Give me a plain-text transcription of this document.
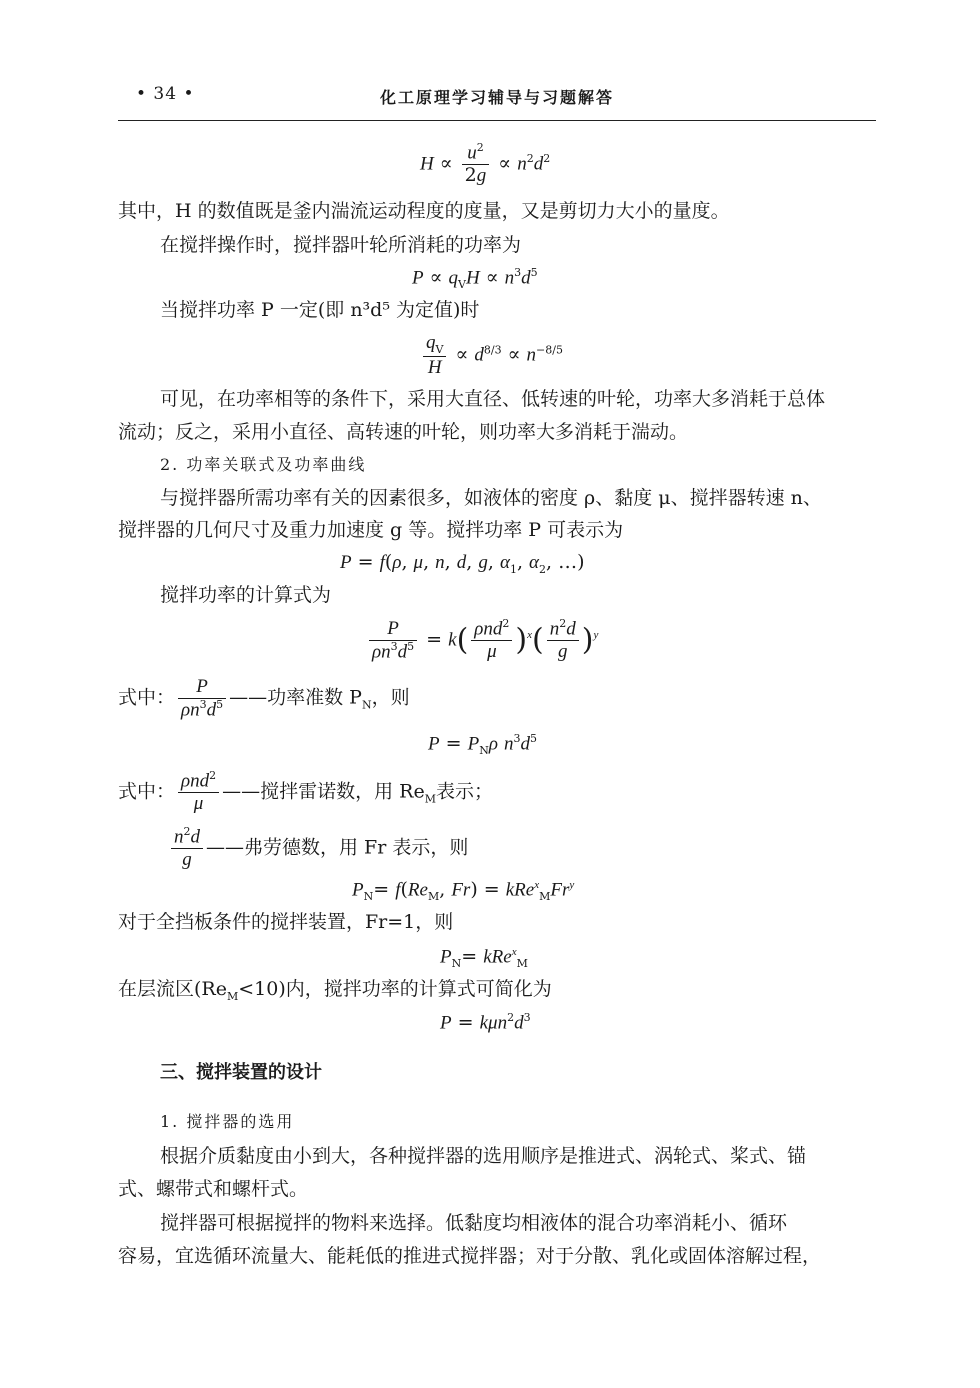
• 34 •	化工原理学习辅导与习题解答
$H \propto \frac{u^2}{2g} \propto n^2d^2$
其中，H 的数值既是釜内湍流运动程度的度量，又是剪切力大小的量度。
在搅拌操作时，搅拌器叶轮所消耗的功率为
$P \propto q_VH \propto n^3d^5$
当搅拌功率 P 一定(即 n³d⁵ 为定值)时
$\frac{q_V}{H} \propto d^{8/3} \propto n^{-8/5}$
可见，在功率相等的条件下，采用大直径、低转速的叶轮，功率大多消耗于总体
流动；反之，采用小直径、高转速的叶轮，则功率大多消耗于湍动。
2. 功率关联式及功率曲线
与搅拌器所需功率有关的因素很多，如液体的密度 ρ、黏度 μ、搅拌器转速 n、
搅拌器的几何尺寸及重力加速度 g 等。搅拌功率 P 可表示为
P = f(ρ, μ, n, d, g, $\alpha_1$, $\alpha_2$, …)
搅拌功率的计算式为
$\frac{P}{\rho n^3d^5} = k( \frac{\rho nd^2}{\mu} )^x( \frac{n^2d}{g} )^y$
式中： $\frac{P}{\rho n^3d^5}$ ——功率准数 $P_N$，则
$P = P_N\rho$ $n^3d^5$
式中： $\frac{\rho nd^2}{\mu}$ ——搅拌雷诺数，用 $Re_M$表示；
$\frac{n^2d}{g}$ ——弗劳德数，用 Fr 表示，则
$P_N= f(Re_M$, $Fr) = kRe^x_MFr^y$
对于全挡板条件的搅拌装置，Fr=1，则
$P_N= kRe^x_M$
在层流区$(Re_M<10)$内，搅拌功率的计算式可简化为
$P = k\mu n^2d^3$
三、搅拌装置的设计
1. 搅拌器的选用
根据介质黏度由小到大，各种搅拌器的选用顺序是推进式、涡轮式、桨式、锚
式、螺带式和螺杆式。
搅拌器可根据搅拌的物料来选择。低黏度均相液体的混合功率消耗小、循环
容易，宜选循环流量大、能耗低的推进式搅拌器；对于分散、乳化或固体溶解过程，
